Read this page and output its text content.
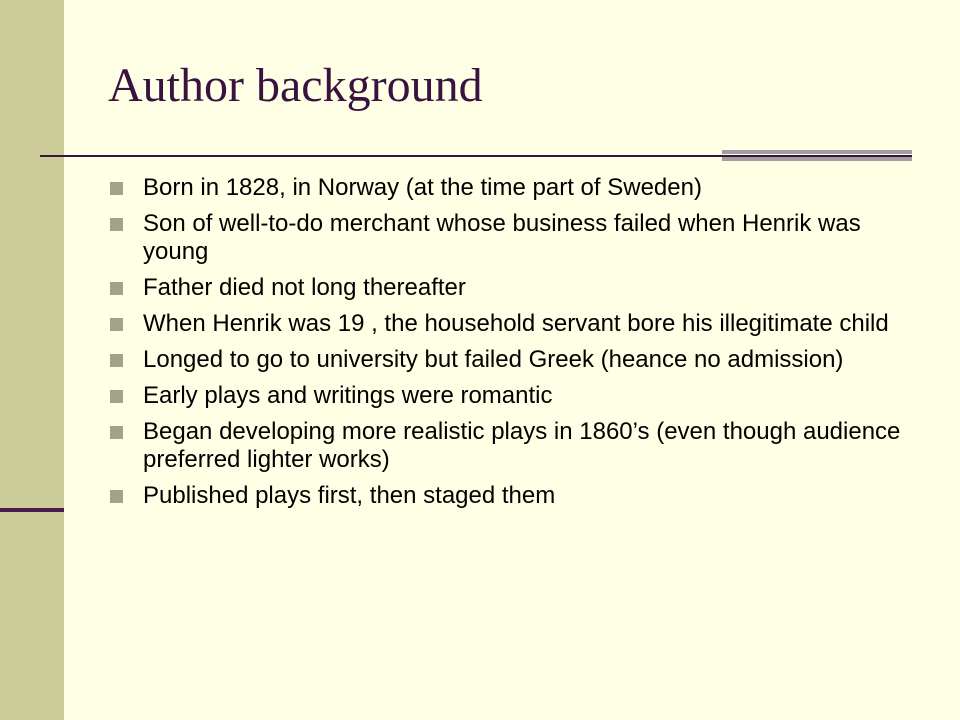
Author background
Born in 1828, in Norway (at the time part of Sweden)
Son of well-to-do merchant whose business failed when Henrik was young
Father died not long thereafter
When Henrik was 19 , the household servant bore his illegitimate child
Longed to go to university but failed Greek (heance no admission)
Early plays and writings were romantic
Began developing more realistic plays in 1860’s (even though audience preferred lighter works)
Published plays first, then staged them
